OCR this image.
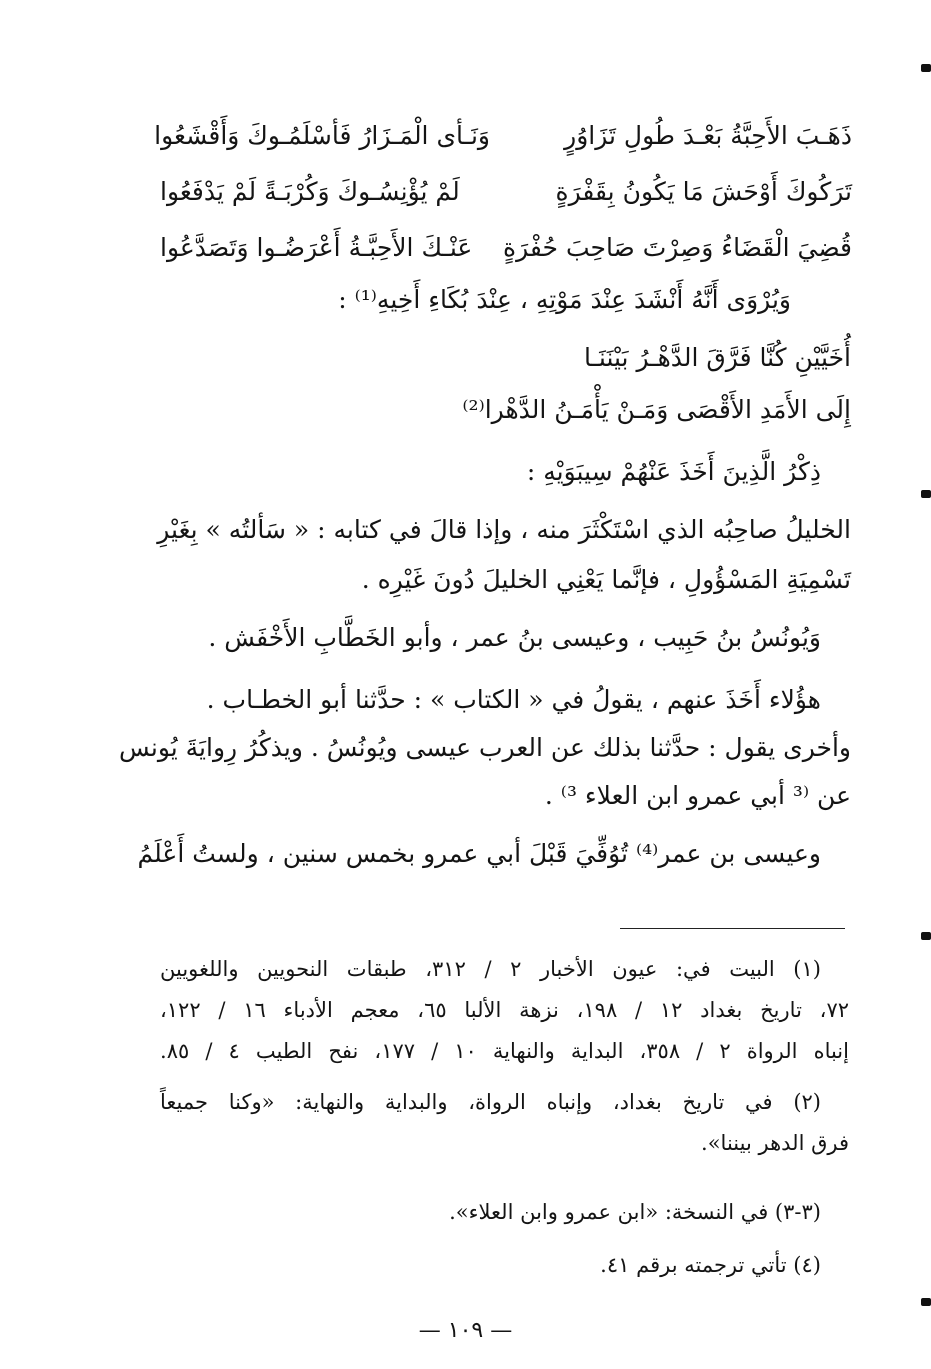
ذَهَـبَ الأَحِبَّةُ بَعْـدَ طُولِ تَزَاوُرٍ
وَنَـأى الْمَـزَارُ فَأسْلَمُـوكَ وَأَقْشَعُوا
تَرَكُوكَ أَوْحَشَ مَا يَكُونُ بِقَفْرَةٍ
لَمْ يُؤْنِسُـوكَ وَكُرْبَـةً لَمْ يَدْفَعُوا
قُضِيَ الْقَضَاءُ وَصِرْتَ صَاحِبَ حُفْرَةٍ
عَنْـكَ الأَحِبَّـةُ أَعْرَضُـوا وَتَصَدَّعُوا
وَيُرْوَى أَنَّهُ أَنْشَدَ عِنْدَ مَوْتِهِ ، عِنْدَ بُكَاءِ أَخِيهِ⁽¹⁾ :
أُخَيَّيْنِ كُنَّا فَرَّقَ الدَّهْـرُ بَيْنَنَـا
إِلَى الأَمَدِ الأَقْصَى وَمَـنْ يَأْمَـنُ الدَّهْرا⁽²⁾
ذِكْرُ الَّذِينَ أَخَذَ عَنْهُمْ سِيبَوَيْهِ :
الخليلُ صاحِبُه الذي اسْتَكْثَرَ منه ، وإذا قالَ في كتابه : « سَألتُه » بِغَيْرِ
تَسْمِيَةِ المَسْؤُولِ ، فإنَّما يَعْنِي الخليلَ دُونَ غَيْرِه .
وَيُونُسُ بنُ حَبِيب ، وعيسى بنُ عمر ، وأبو الخَطَّابِ الأَخْفَش .
هؤُلاء أَخَذَ عنهم ، يقولُ في « الكتاب » : حدَّثنا أبو الخطـاب .
وأخرى يقول : حدَّثنا بذلك عن العرب عيسى ويُونُسُ . ويذكُرُ رِوايَةَ يُونس
عن ⁽³ أبي عمرو ابن العلاء ³⁾ .
وعيسى بن عمر⁽⁴⁾ تُوُفِّيَ قَبْلَ أبي عمرو بخمس سنين ، ولستُ أَعْلَمُ
(١) البيت في: عيون الأخبار ٢ / ٣١٢، طبقات النحويين واللغويين
٧٢، تاريخ بغداد ١٢ / ١٩٨، نزهة الألبا ٦٥، معجم الأدباء ١٦ / ١٢٢،
إنباه الرواة ٢ / ٣٥٨، البداية والنهاية ١٠ / ١٧٧، نفح الطيب ٤ / ٨٥.
(٢) في تاريخ بغداد، وإنباه الرواة، والبداية والنهاية: «وكنا جميعاً
فرق الدهر بيننا».
(٣-٣) في النسخة: «ابن عمرو وابن العلاء».
(٤) تأتي ترجمته برقم ٤١.
— ١٠٩ —
